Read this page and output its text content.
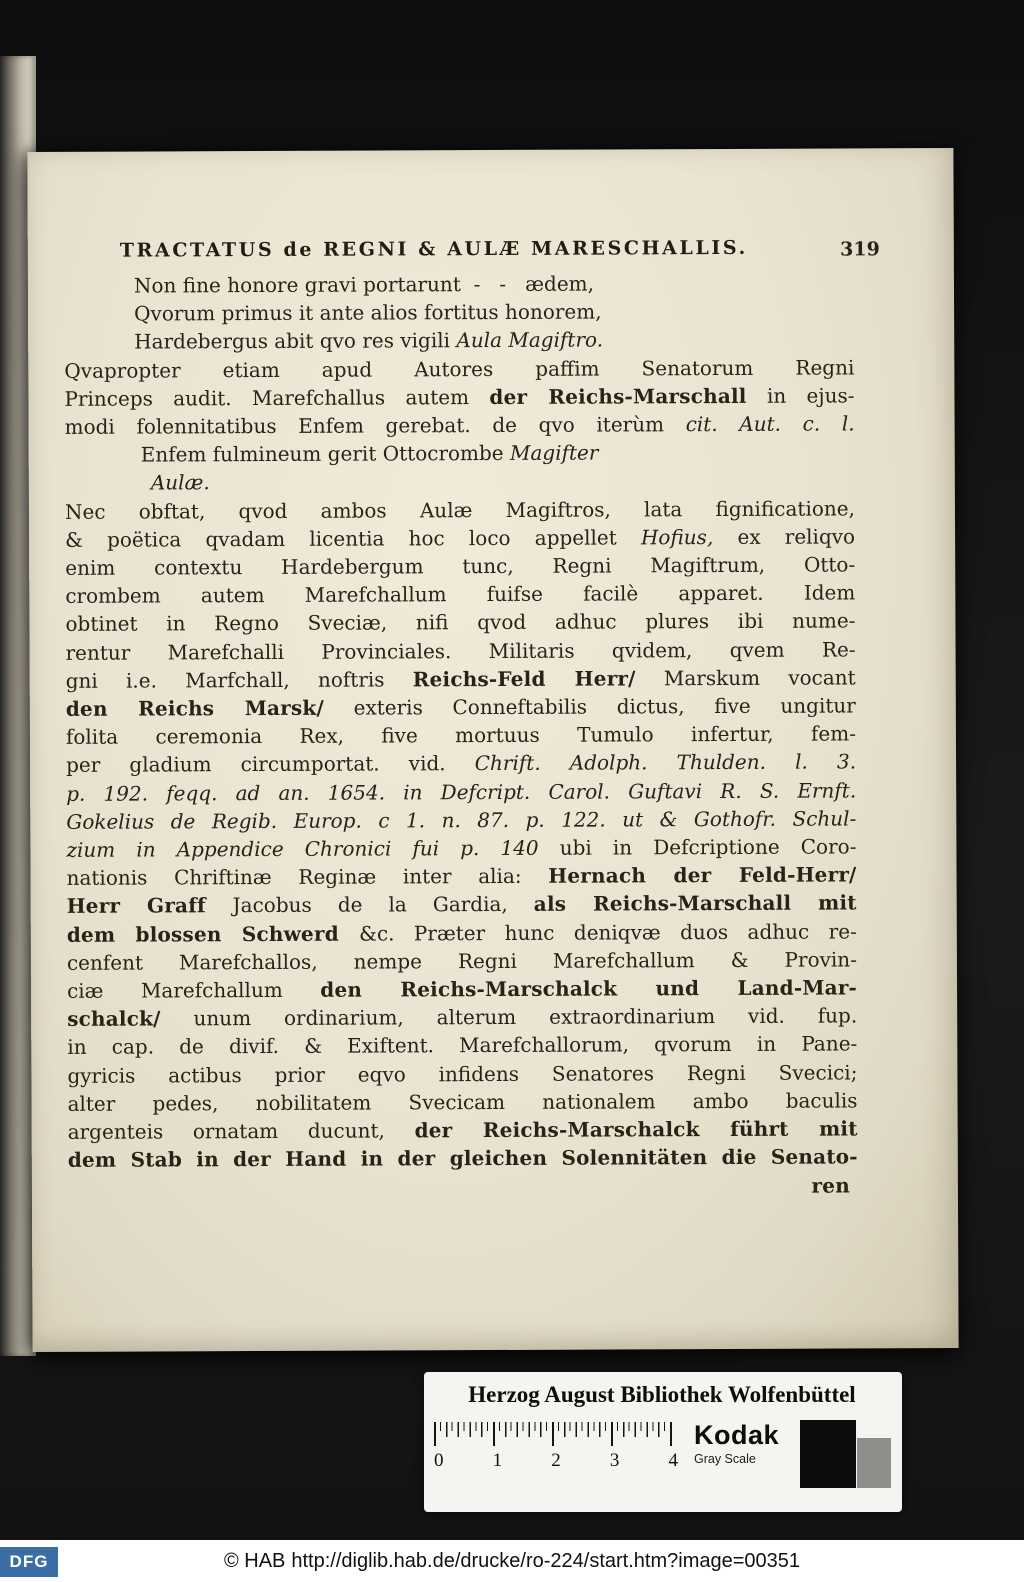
TRACTATUS de REGNI & AULÆ MARESCHALLIS.	319
Non fine honore gravi portarunt  -   -   ædem,
Qvorum primus it ante alios fortitus honorem,
Hardebergus abit qvo res vigili Aula Magiftro.
Qvapropter etiam apud Autores paffim Senatorum Regni
Princeps audit. Marefchallus autem der Reichs-Marschall in ejus-
modi folennitatibus Enfem gerebat. de qvo iterùm cit. Aut. c. l.
Enfem fulmineum gerit Ottocrombe Magifter
Aulæ.
Nec obftat, qvod ambos Aulæ Magiftros, lata fignificatione,
& poëtica qvadam licentia hoc loco appellet Hofius, ex reliqvo
enim contextu Hardebergum tunc, Regni Magiftrum, Otto-
crombem autem Marefchallum fuifse facilè apparet. Idem
obtinet in Regno Sveciæ, nifi qvod adhuc plures ibi nume-
rentur Marefchalli Provinciales. Militaris qvidem, qvem Re-
gni i.e. Marfchall, noftris Reichs-Feld Herr/ Marskum vocant
den Reichs Marsk/ exteris Conneftabilis dictus, five ungitur
folita ceremonia Rex, five mortuus Tumulo infertur, fem-
per gladium circumportat. vid. Chrift. Adolph. Thulden. l. 3.
p. 192. feqq. ad an. 1654. in Defcript. Carol. Guftavi R. S. Ernft.
Gokelius de Regib. Europ. c 1. n. 87. p. 122. ut & Gothofr. Schul-
zium in Appendice Chronici fui p. 140 ubi in Defcriptione Coro-
nationis Chriftinæ Reginæ inter alia: Hernach der Feld-Herr/
Herr Graff Jacobus de la Gardia, als Reichs-Marschall mit
dem blossen Schwerd &c. Præter hunc deniqvæ duos adhuc re-
cenfent Marefchallos, nempe Regni Marefchallum & Provin-
ciæ Marefchallum den Reichs-Marschalck und Land-Mar-
schalck/ unum ordinarium, alterum extraordinarium vid. fup.
in cap. de divif. & Exiftent. Marefchallorum, qvorum in Pane-
gyricis actibus prior eqvo infidens Senatores Regni Svecici;
alter pedes, nobilitatem Svecicam nationalem ambo baculis
argenteis ornatam ducunt, der Reichs-Marschalck führt mit
dem Stab in der Hand in der gleichen Solennitäten die Senato-
ren
Herzog August Bibliothek Wolfenbüttel
0	1	2	3	4
Kodak
Gray Scale
DFG	© HAB http://diglib.hab.de/drucke/ro-224/start.htm?image=00351
